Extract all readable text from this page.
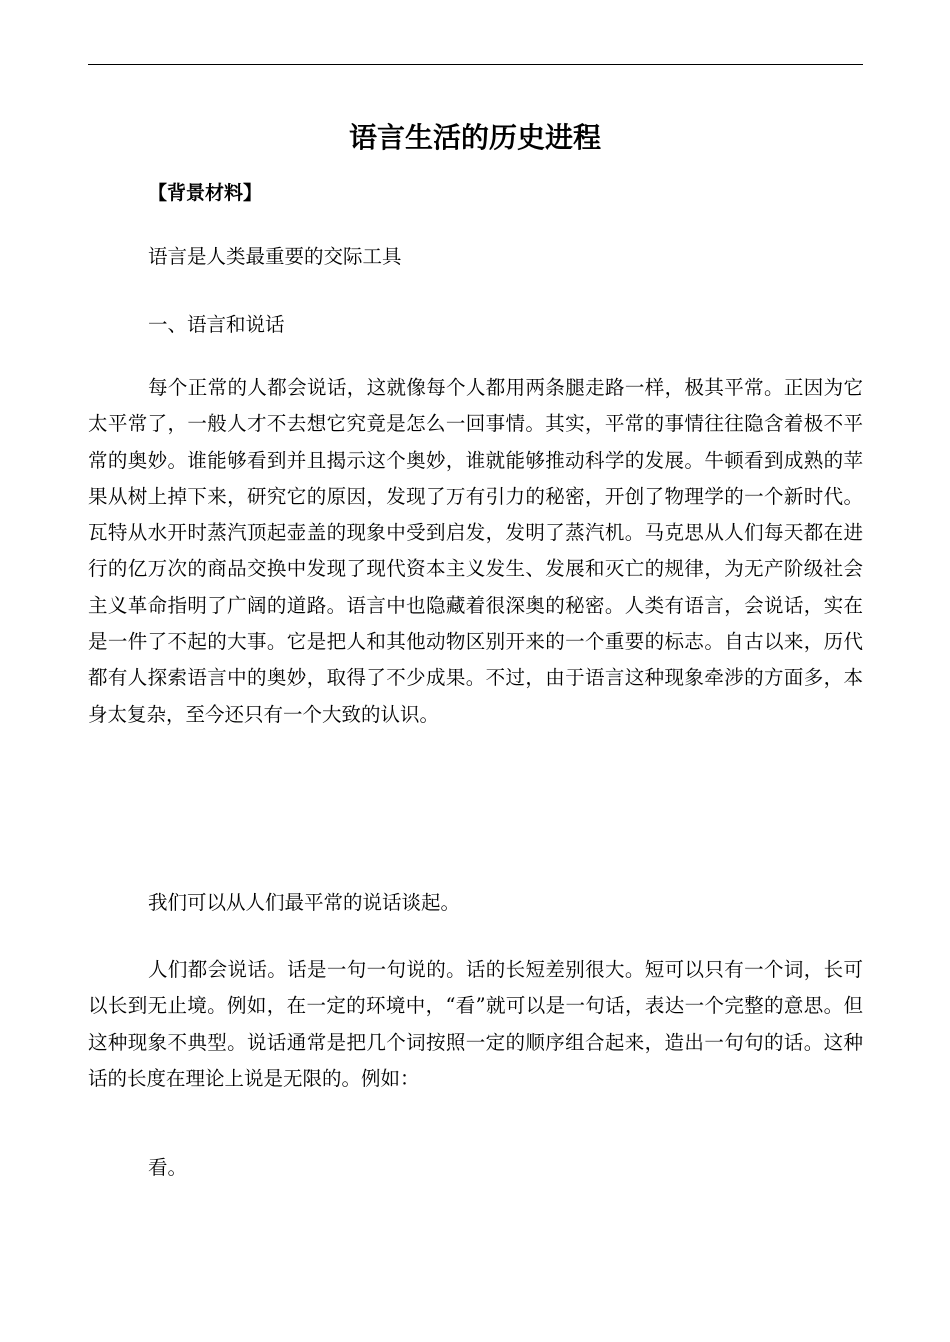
语言生活的历史进程
【背景材料】
语言是人类最重要的交际工具
一、语言和说话

每个正常的人都会说话，这就像每个人都用两条腿走路一样，极其平常。正因为它太平常了，一般人才不去想它究竟是怎么一回事情。其实，平常的事情往往隐含着极不平常的奥妙。谁能够看到并且揭示这个奥妙，谁就能够推动科学的发展。牛顿看到成熟的苹果从树上掉下来，研究它的原因，发现了万有引力的秘密，开创了物理学的一个新时代。瓦特从水开时蒸汽顶起壶盖的现象中受到启发，发明了蒸汽机。马克思从人们每天都在进行的亿万次的商品交换中发现了现代资本主义发生、发展和灭亡的规律，为无产阶级社会主义革命指明了广阔的道路。语言中也隐藏着很深奥的秘密。人类有语言，会说话，实在是一件了不起的大事。它是把人和其他动物区别开来的一个重要的标志。自古以来，历代都有人探索语言中的奥妙，取得了不少成果。不过，由于语言这种现象牵涉的方面多，本身太复杂，至今还只有一个大致的认识。

我们可以从人们最平常的说话谈起。

人们都会说话。话是一句一句说的。话的长短差别很大。短可以只有一个词，长可以长到无止境。例如，在一定的环境中，“看”就可以是一句话，表达一个完整的意思。但这种现象不典型。说话通常是把几个词按照一定的顺序组合起来，造出一句句的话。这种话的长度在理论上说是无限的。例如：

看。
